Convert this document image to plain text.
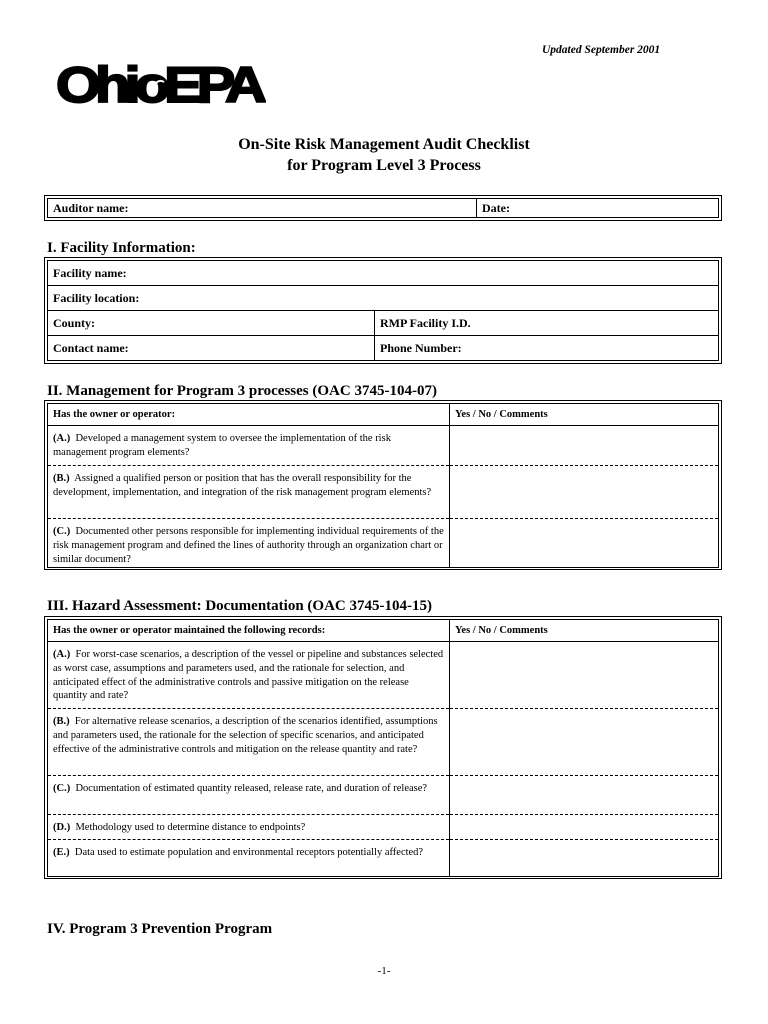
Updated September 2001
OhioEPA
On-Site Risk Management Audit Checklist
for Program Level 3 Process
Auditor name:	Date:
I. Facility Information:
Facility name:	
Facility location:	
County:	RMP Facility I.D.
Contact name:	Phone Number:
II. Management for Program 3 processes (OAC 3745-104-07)
Has the owner or operator:	Yes / No / Comments
(A.) Developed a management system to oversee the implementation of the risk management program elements?	
(B.) Assigned a qualified person or position that has the overall responsibility for the development, implementation, and integration of the risk management program elements?	
(C.) Documented other persons responsible for implementing individual requirements of the risk management program and defined the lines of authority through an organization chart or similar document?	
III. Hazard Assessment: Documentation (OAC 3745-104-15)
Has the owner or operator maintained the following records:	Yes / No / Comments
(A.) For worst-case scenarios, a description of the vessel or pipeline and substances selected as worst case, assumptions and parameters used, and the rationale for selection, and anticipated effect of the administrative controls and passive mitigation on the release quantity and rate?	
(B.) For alternative release scenarios, a description of the scenarios identified, assumptions and parameters used, the rationale for the selection of specific scenarios, and anticipated effective of the administrative controls and mitigation on the release quantity and rate?	
(C.) Documentation of estimated quantity released, release rate, and duration of release?	
(D.) Methodology used to determine distance to endpoints?	
(E.) Data used to estimate population and environmental receptors potentially affected?	
IV. Program 3 Prevention Program
-1-
